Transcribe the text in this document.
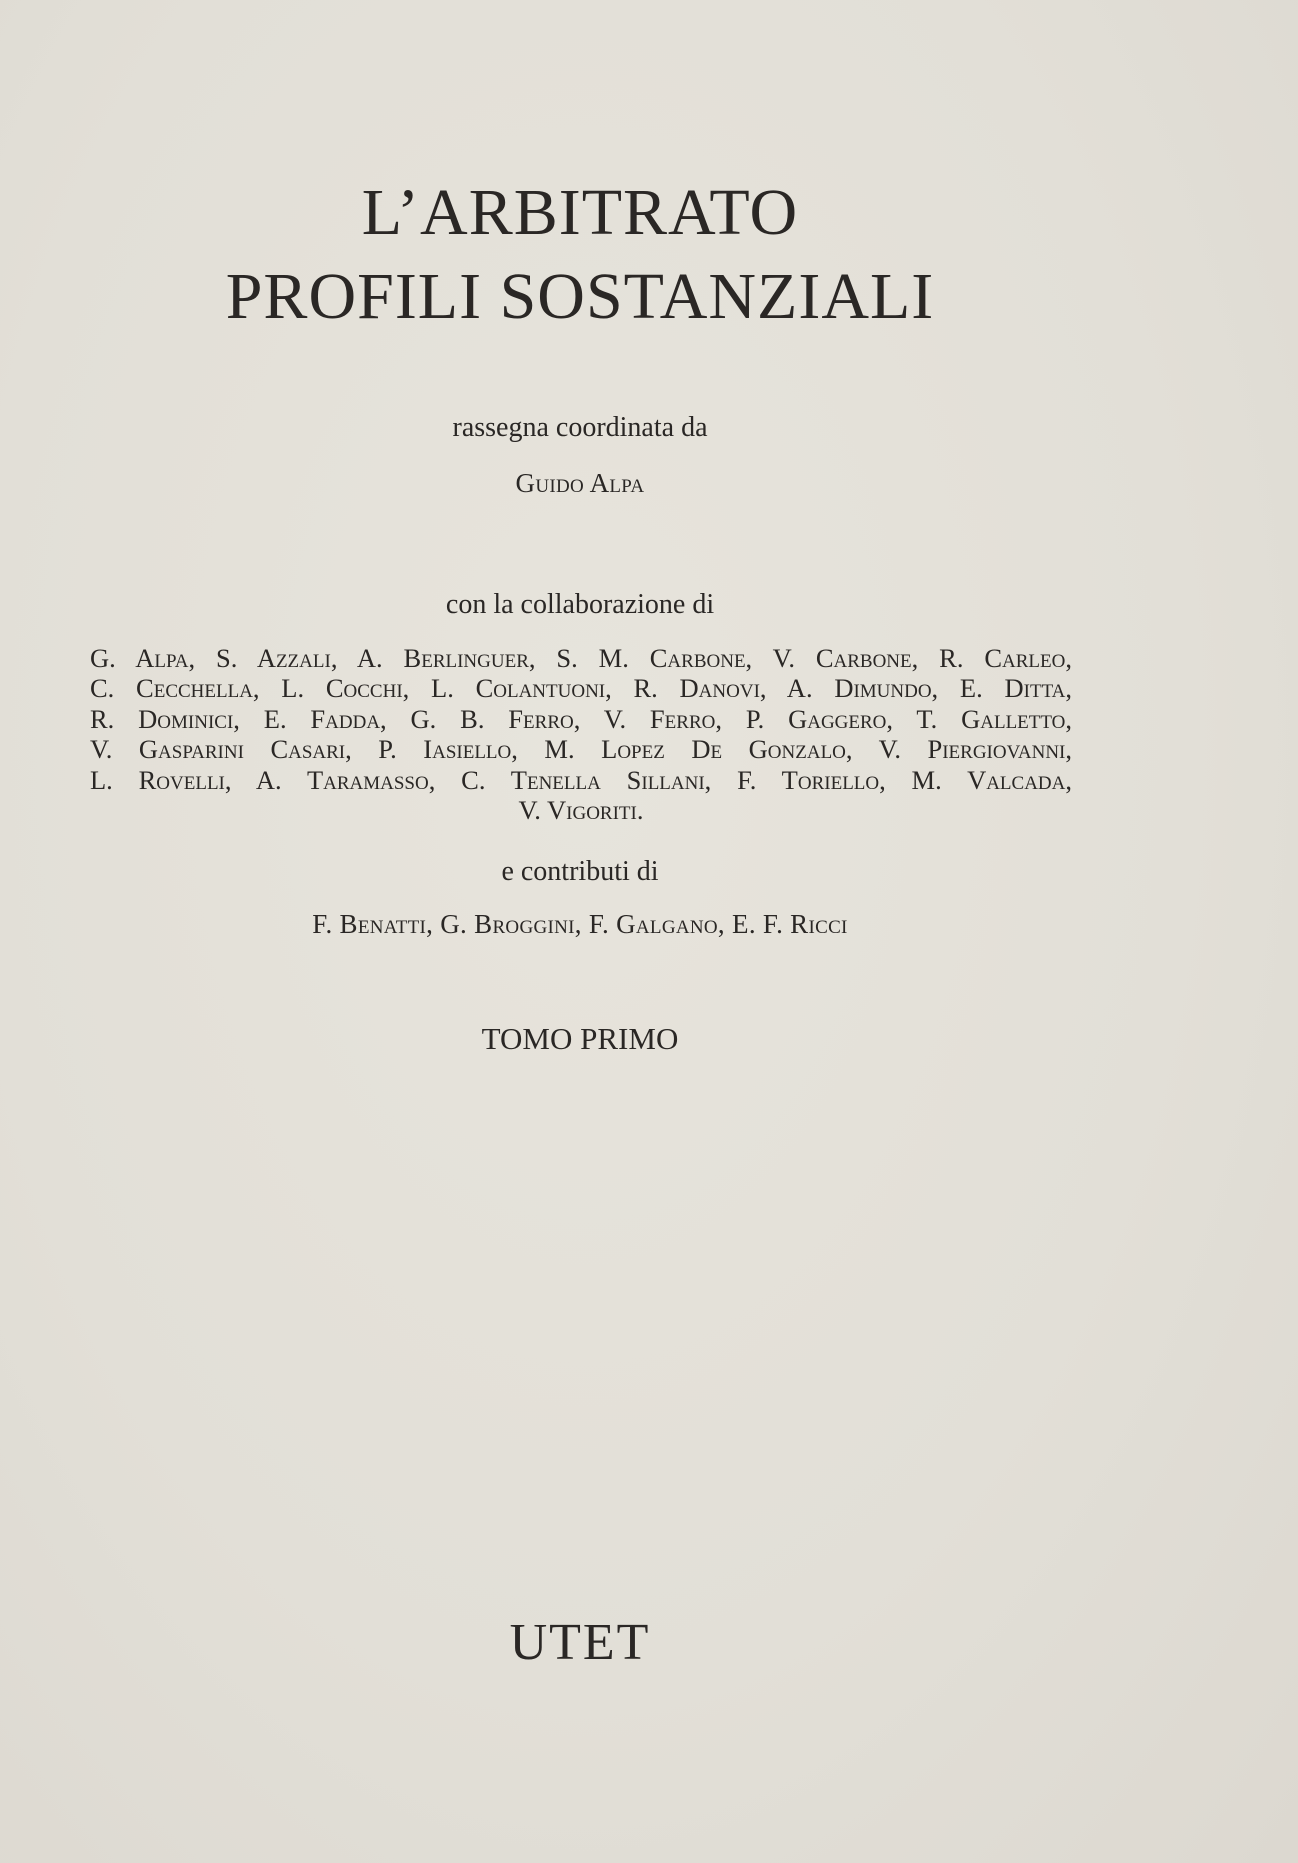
L’ARBITRATO
PROFILI SOSTANZIALI
rassegna coordinata da
Guido Alpa
con la collaborazione di
G. Alpa, S. Azzali, A. Berlinguer, S. M. Carbone, V. Carbone, R. Carleo,
C. Cecchella, L. Cocchi, L. Colantuoni, R. Danovi, A. Dimundo, E. Ditta,
R. Dominici, E. Fadda, G. B. Ferro, V. Ferro, P. Gaggero, T. Galletto,
V. Gasparini Casari, P. Iasiello, M. Lopez De Gonzalo, V. Piergiovanni,
L. Rovelli, A. Taramasso, C. Tenella Sillani, F. Toriello, M. Valcada,
V. Vigoriti.
e contributi di
F. Benatti, G. Broggini, F. Galgano, E. F. Ricci
TOMO PRIMO
UTET
